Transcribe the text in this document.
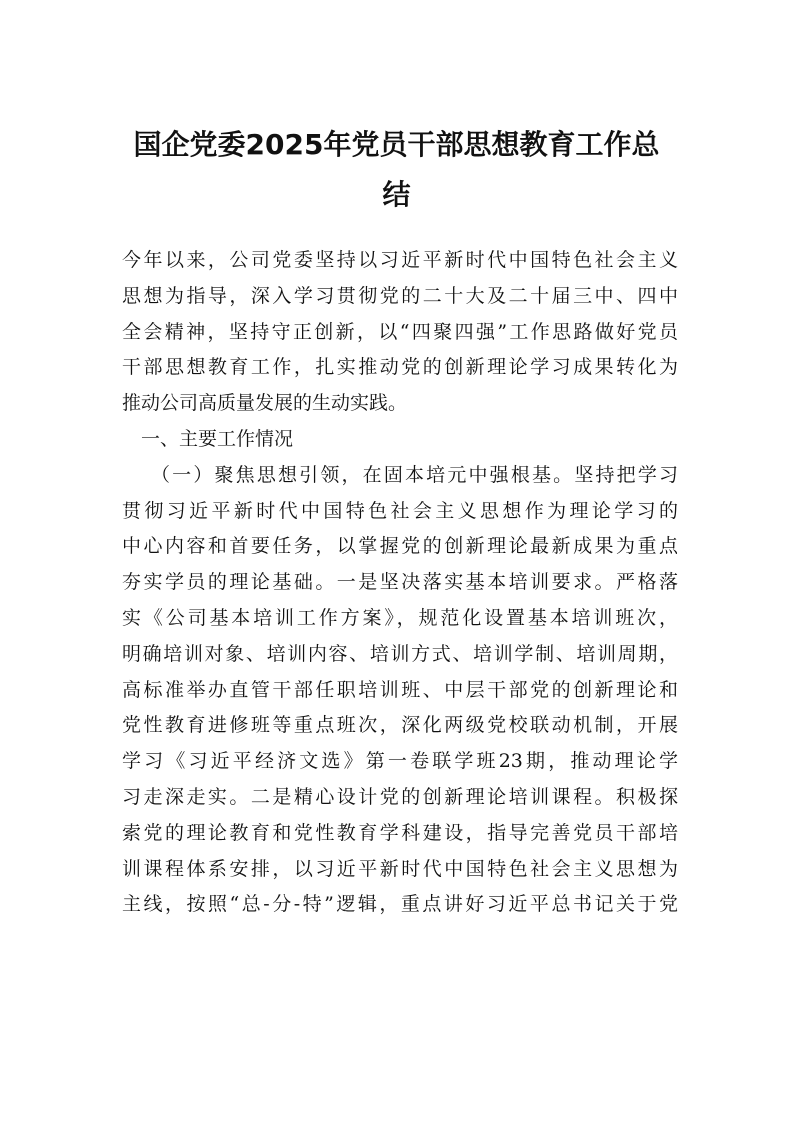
国企党委2025年党员干部思想教育工作总
结
今年以来，公司党委坚持以习近平新时代中国特色社会主义
思想为指导，深入学习贯彻党的二十大及二十届三中、四中
全会精神，坚持守正创新，以“四聚四强”工作思路做好党员
干部思想教育工作，扎实推动党的创新理论学习成果转化为
推动公司高质量发展的生动实践。
一、主要工作情况
（一）聚焦思想引领，在固本培元中强根基。坚持把学习
贯彻习近平新时代中国特色社会主义思想作为理论学习的
中心内容和首要任务，以掌握党的创新理论最新成果为重点
夯实学员的理论基础。一是坚决落实基本培训要求。严格落
实《公司基本培训工作方案》，规范化设置基本培训班次，
明确培训对象、培训内容、培训方式、培训学制、培训周期，
高标准举办直管干部任职培训班、中层干部党的创新理论和
党性教育进修班等重点班次，深化两级党校联动机制，开展
学习《习近平经济文选》第一卷联学班23期，推动理论学
习走深走实。二是精心设计党的创新理论培训课程。积极探
索党的理论教育和党性教育学科建设，指导完善党员干部培
训课程体系安排，以习近平新时代中国特色社会主义思想为
主线，按照“总-分-特”逻辑，重点讲好习近平总书记关于党
